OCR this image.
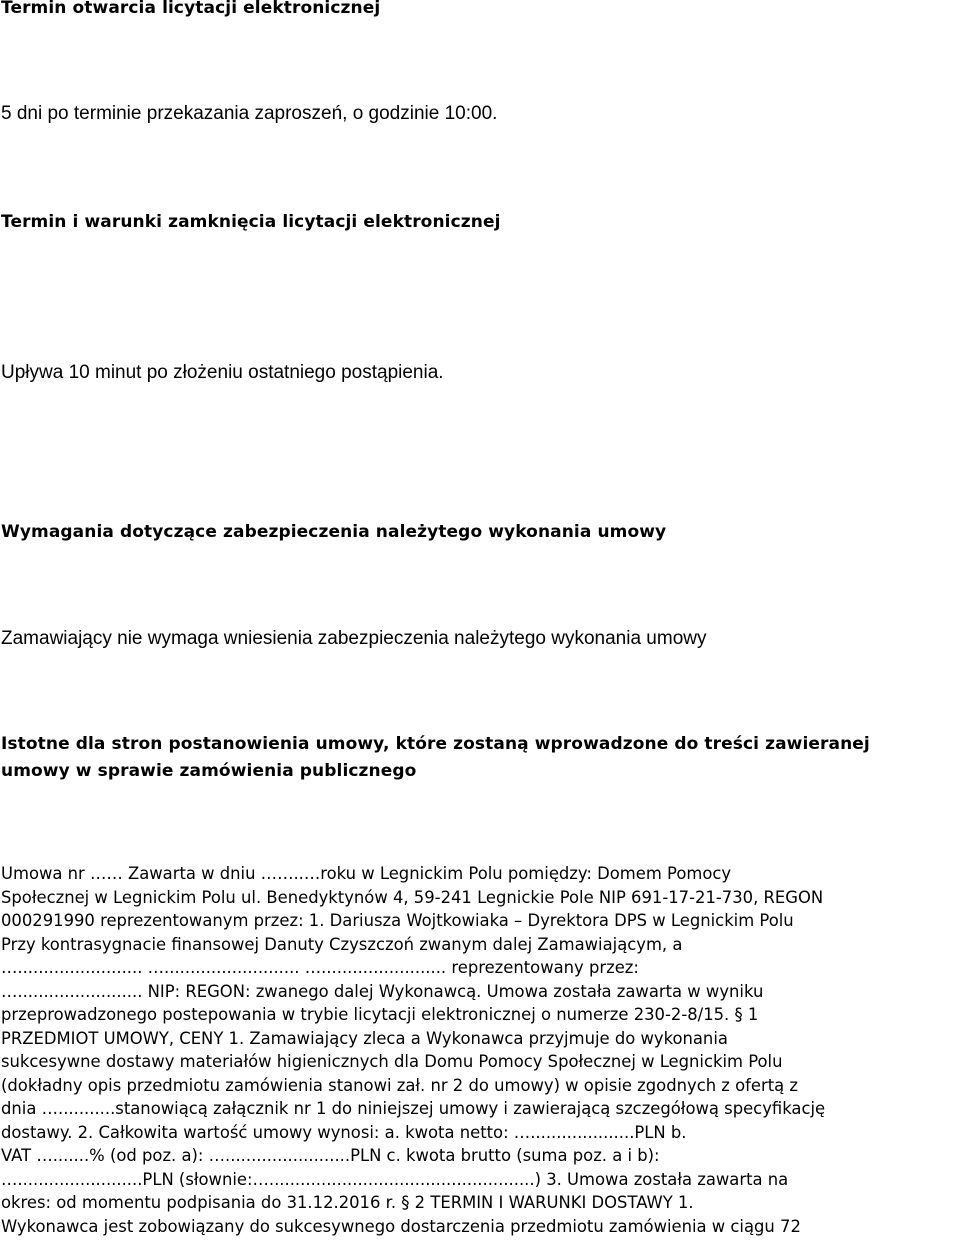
Termin otwarcia licytacji elektronicznej
5 dni po terminie przekazania zaproszeń, o godzinie 10:00.
Termin i warunki zamknięcia licytacji elektronicznej
Upływa 10 minut po złożeniu ostatniego postąpienia.
Wymagania dotyczące zabezpieczenia należytego wykonania umowy
Zamawiający nie wymaga wniesienia zabezpieczenia należytego wykonania umowy
Istotne dla stron postanowienia umowy, które zostaną wprowadzone do treści zawieranej
umowy w sprawie zamówienia publicznego
Umowa nr …… Zawarta w dniu ……..…roku w Legnickim Polu pomiędzy: Domem Pomocy
Społecznej w Legnickim Polu ul. Benedyktynów 4, 59-241 Legnickie Pole NIP 691-17-21-730, REGON
000291990 reprezentowanym przez: 1. Dariusza Wojtkowiaka – Dyrektora DPS w Legnickim Polu
Przy kontrasygnacie finansowej Danuty Czyszczoń zwanym dalej Zamawiającym, a
…........................ ….......................... …........................ reprezentowany przez:
…........................ NIP: REGON: zwanego dalej Wykonawcą. Umowa została zawarta w wyniku
przeprowadzonego postepowania w trybie licytacji elektronicznej o numerze 230-2-8/15. § 1
PRZEDMIOT UMOWY, CENY 1. Zamawiający zleca a Wykonawca przyjmuje do wykonania
sukcesywne dostawy materiałów higienicznych dla Domu Pomocy Społecznej w Legnickim Polu
(dokładny opis przedmiotu zamówienia stanowi zał. nr 2 do umowy) w opisie zgodnych z ofertą z
dnia …...........stanowiącą załącznik nr 1 do niniejszej umowy i zawierającą szczegółową specyfikację
dostawy. 2. Całkowita wartość umowy wynosi: a. kwota netto: …....................PLN b.
VAT ….......% (od poz. a): …........................PLN c. kwota brutto (suma poz. a i b):
…........................PLN (słownie:…...................................................) 3. Umowa została zawarta na
okres: od momentu podpisania do 31.12.2016 r. § 2 TERMIN I WARUNKI DOSTAWY 1.
Wykonawca jest zobowiązany do sukcesywnego dostarczenia przedmiotu zamówienia w ciągu 72
